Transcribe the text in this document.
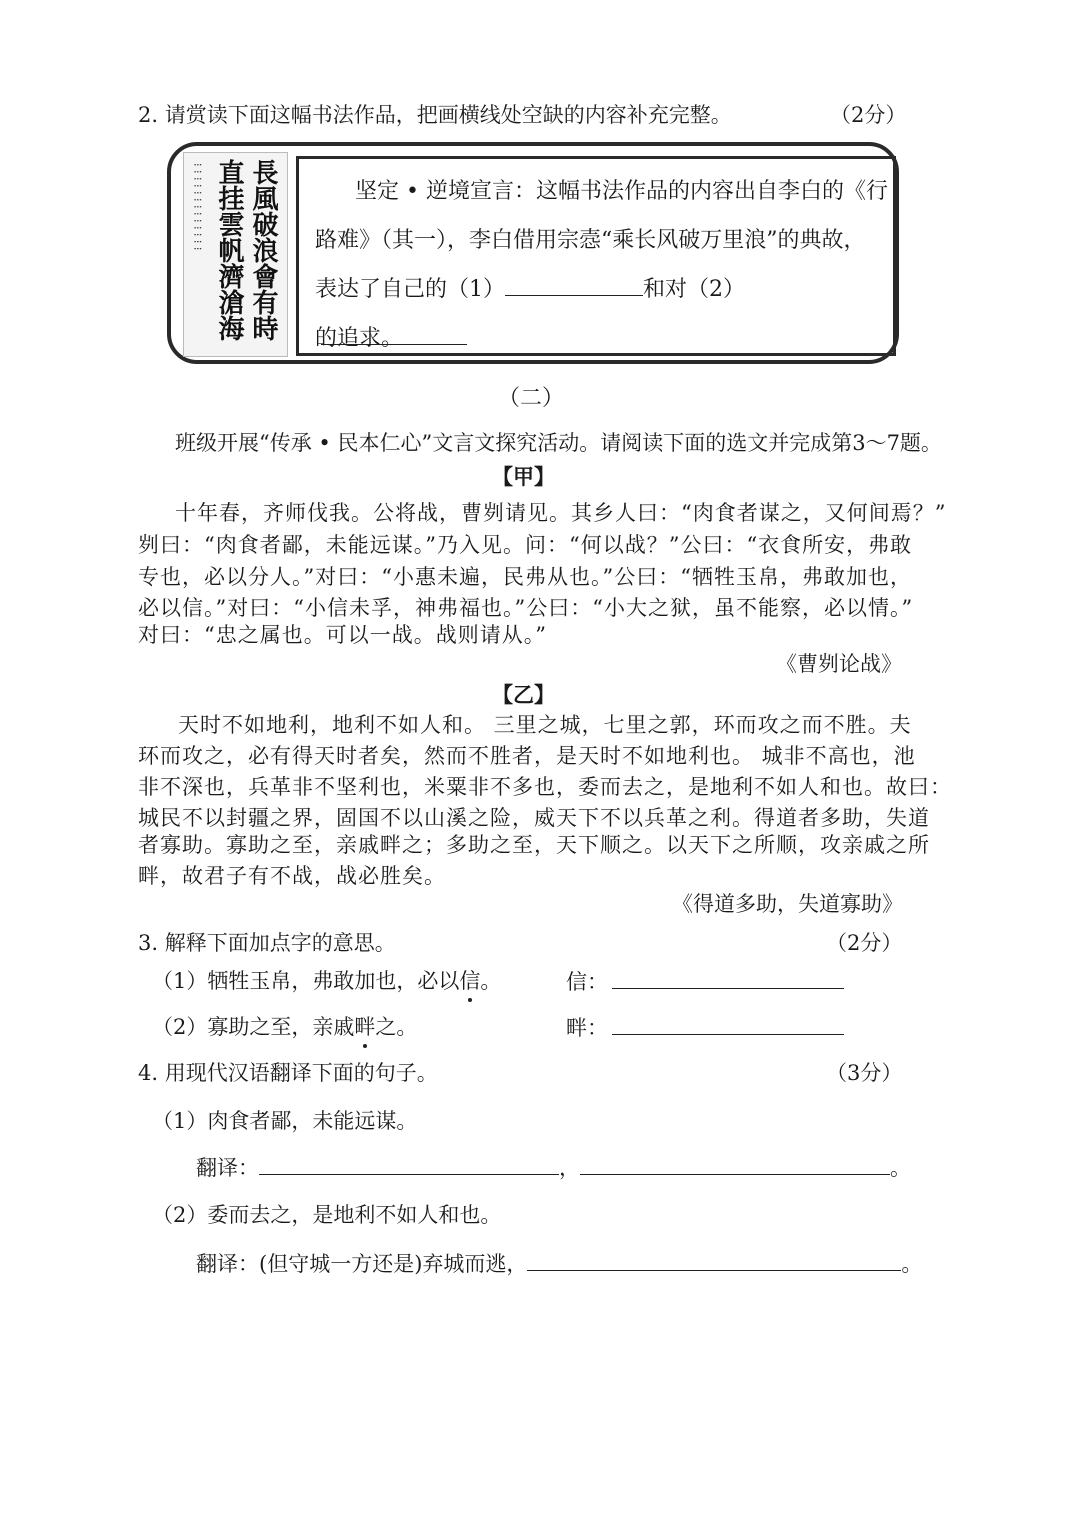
2. 请赏读下面这幅书法作品，把画横线处空缺的内容补充完整。	（2分）
長風破浪會有時
直挂雲帆濟滄海
⁝ ⁝ ⁝ ⁝ ⁝ ⁝ ⁝ ⁝ ⁝ ⁝ ⁝ ⁝ ⁝	坚定 • 逆境宣言：这幅书法作品的内容出自李白的《行
路难》（其一），李白借用宗悫“乘长风破万里浪”的典故，
表达了自己的（1）	和对（2）
的追求。
（二）
班级开展“传承 • 民本仁心”文言文探究活动。请阅读下面的选文并完成第3～7题。
【甲】
十年春，齐师伐我。公将战，曹刿请见。其乡人曰：“肉食者谋之，又何间焉？”
刿曰：“肉食者鄙，未能远谋。”乃入见。问：“何以战？”公曰：“衣食所安，弗敢
专也，必以分人。”对曰：“小惠未遍，民弗从也。”公曰：“牺牲玉帛，弗敢加也，
必以信。”对曰：“小信未孚，神弗福也。”公曰：“小大之狱，虽不能察，必以情。”
对曰：“忠之属也。可以一战。战则请从。”
《曹刿论战》
【乙】
天时不如地利，地利不如人和。 三里之城，七里之郭，环而攻之而不胜。夫
环而攻之，必有得天时者矣，然而不胜者，是天时不如地利也。 城非不高也，池
非不深也，兵革非不坚利也，米粟非不多也，委而去之，是地利不如人和也。故曰：
城民不以封疆之界，固国不以山溪之险，威天下不以兵革之利。得道者多助，失道
者寡助。寡助之至，亲戚畔之；多助之至，天下顺之。以天下之所顺，攻亲戚之所
畔，故君子有不战，战必胜矣。
《得道多助，失道寡助》
3. 解释下面加点字的意思。	（2分）
（1）牺牲玉帛，弗敢加也，必以信。	信：
（2）寡助之至，亲戚畔之。	畔：
4. 用现代汉语翻译下面的句子。	（3分）
（1）肉食者鄙，未能远谋。
翻译：	，	。
（2）委而去之，是地利不如人和也。
翻译：(但守城一方还是)弃城而逃，	。
